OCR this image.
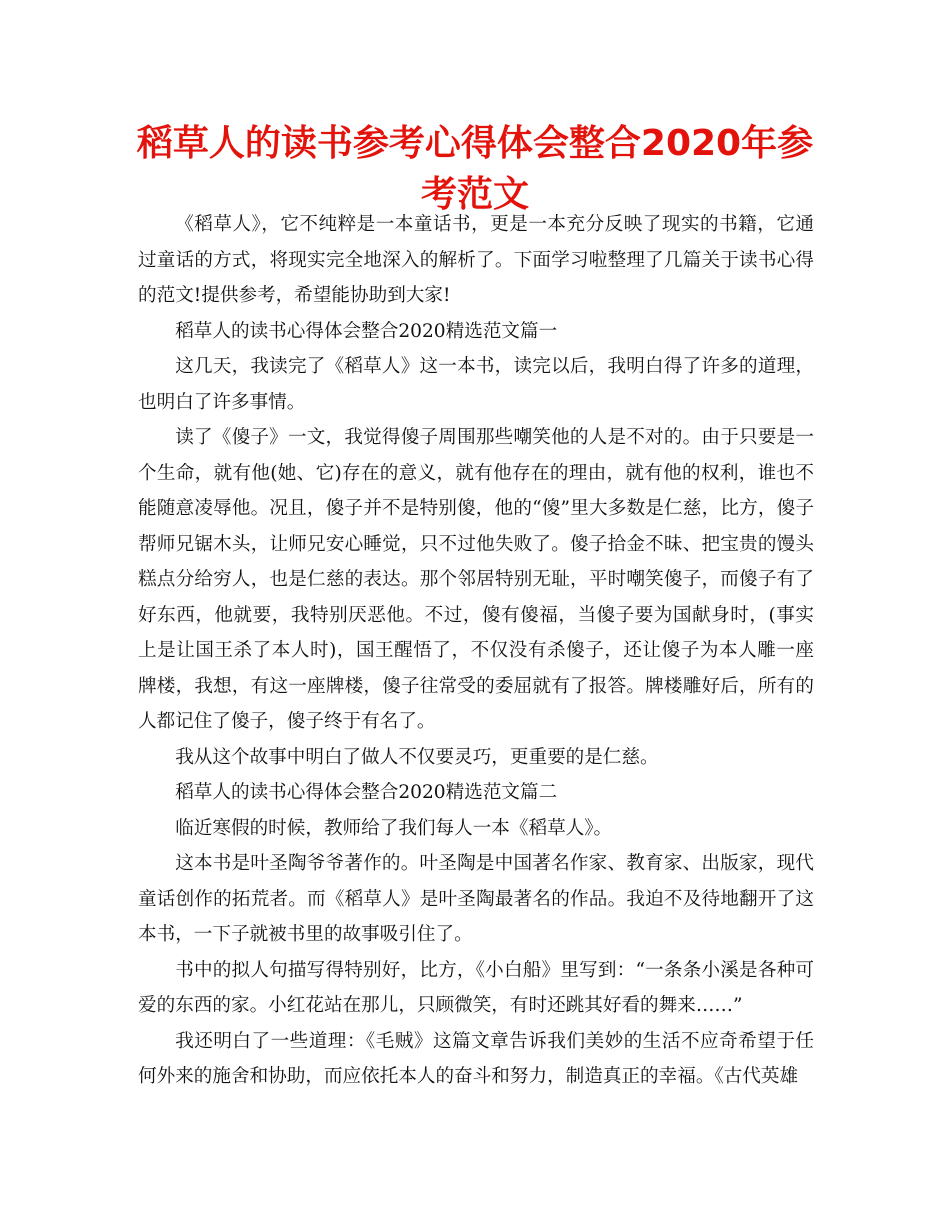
稻草人的读书参考心得体会整合2020年参考范文

《稻草人》，它不纯粹是一本童话书，更是一本充分反映了现实的书籍，它通过童话的方式，将现实完全地深入的解析了。下面学习啦整理了几篇关于读书心得的范文!提供参考，希望能协助到大家!

稻草人的读书心得体会整合2020精选范文篇一

这几天，我读完了《稻草人》这一本书，读完以后，我明白得了许多的道理，也明白了许多事情。

读了《傻子》一文，我觉得傻子周围那些嘲笑他的人是不对的。由于只要是一个生命，就有他(她、它)存在的意义，就有他存在的理由，就有他的权利，谁也不能随意凌辱他。况且，傻子并不是特别傻，他的“傻”里大多数是仁慈，比方，傻子帮师兄锯木头，让师兄安心睡觉，只不过他失败了。傻子拾金不昧、把宝贵的馒头糕点分给穷人，也是仁慈的表达。那个邻居特别无耻，平时嘲笑傻子，而傻子有了好东西，他就要，我特别厌恶他。不过，傻有傻福，当傻子要为国献身时，(事实上是让国王杀了本人时)，国王醒悟了，不仅没有杀傻子，还让傻子为本人雕一座牌楼，我想，有这一座牌楼，傻子往常受的委屈就有了报答。牌楼雕好后，所有的人都记住了傻子，傻子终于有名了。

我从这个故事中明白了做人不仅要灵巧，更重要的是仁慈。

稻草人的读书心得体会整合2020精选范文篇二

临近寒假的时候，教师给了我们每人一本《稻草人》。

这本书是叶圣陶爷爷著作的。叶圣陶是中国著名作家、教育家、出版家，现代童话创作的拓荒者。而《稻草人》是叶圣陶最著名的作品。我迫不及待地翻开了这本书，一下子就被书里的故事吸引住了。

书中的拟人句描写得特别好，比方，《小白船》里写到：“一条条小溪是各种可爱的东西的家。小红花站在那儿，只顾微笑，有时还跳其好看的舞来……”

我还明白了一些道理：《毛贼》这篇文章告诉我们美妙的生活不应奇希望于任何外来的施舍和协助，而应依托本人的奋斗和努力，制造真正的幸福。《古代英雄
